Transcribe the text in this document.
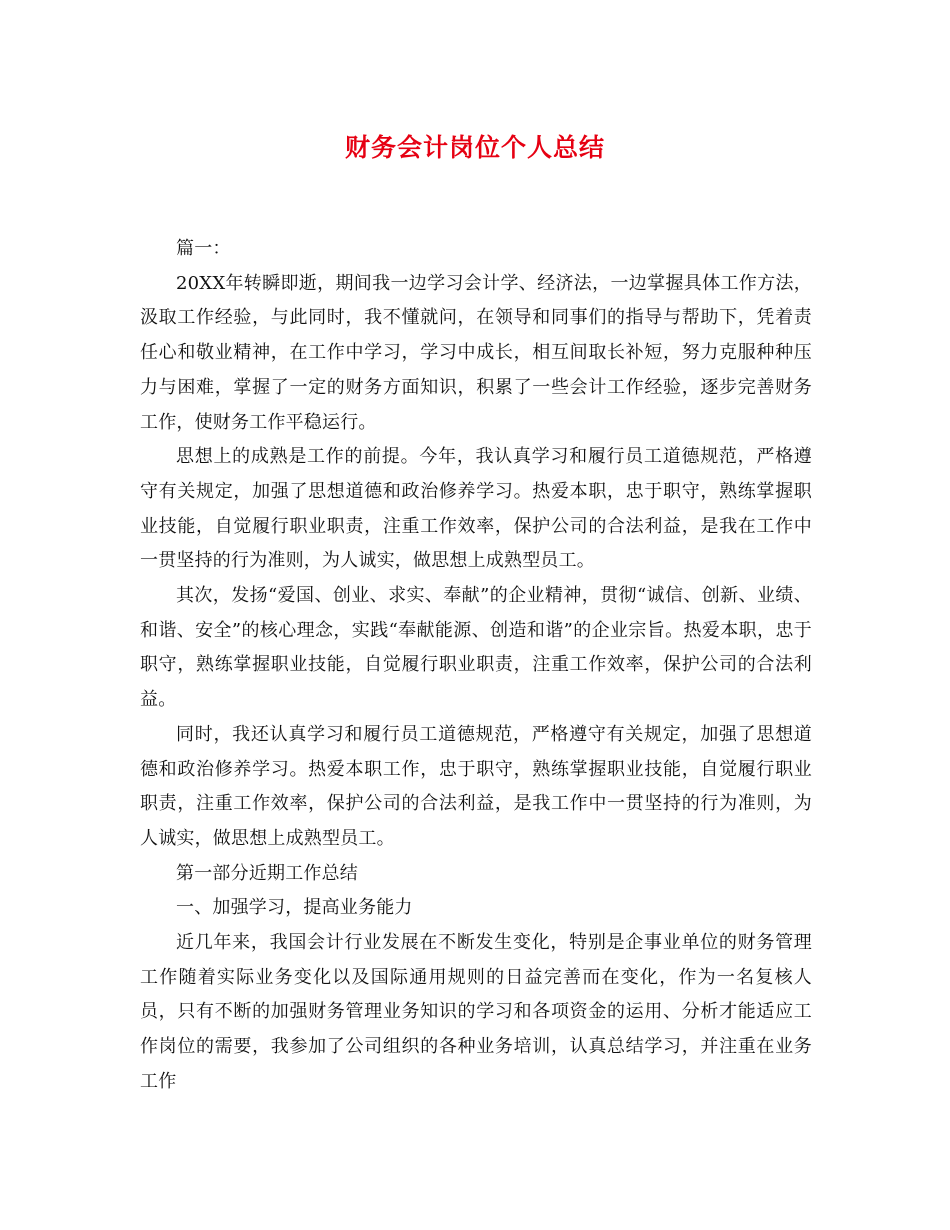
财务会计岗位个人总结

篇一：

20XX年转瞬即逝，期间我一边学习会计学、经济法，一边掌握具体工作方法，汲取工作经验，与此同时，我不懂就问，在领导和同事们的指导与帮助下，凭着责任心和敬业精神，在工作中学习，学习中成长，相互间取长补短，努力克服种种压力与困难，掌握了一定的财务方面知识，积累了一些会计工作经验，逐步完善财务工作，使财务工作平稳运行。

思想上的成熟是工作的前提。今年，我认真学习和履行员工道德规范，严格遵守有关规定，加强了思想道德和政治修养学习。热爱本职，忠于职守，熟练掌握职业技能，自觉履行职业职责，注重工作效率，保护公司的合法利益，是我在工作中一贯坚持的行为准则，为人诚实，做思想上成熟型员工。

其次，发扬“爱国、创业、求实、奉献”的企业精神，贯彻“诚信、创新、业绩、和谐、安全”的核心理念，实践“奉献能源、创造和谐”的企业宗旨。热爱本职，忠于职守，熟练掌握职业技能，自觉履行职业职责，注重工作效率，保护公司的合法利益。

同时，我还认真学习和履行员工道德规范，严格遵守有关规定，加强了思想道德和政治修养学习。热爱本职工作，忠于职守，熟练掌握职业技能，自觉履行职业职责，注重工作效率，保护公司的合法利益，是我工作中一贯坚持的行为准则，为人诚实，做思想上成熟型员工。

第一部分近期工作总结

一、加强学习，提高业务能力

近几年来，我国会计行业发展在不断发生变化，特别是企事业单位的财务管理工作随着实际业务变化以及国际通用规则的日益完善而在变化，作为一名复核人员，只有不断的加强财务管理业务知识的学习和各项资金的运用、分析才能适应工作岗位的需要，我参加了公司组织的各种业务培训，认真总结学习，并注重在业务工作
